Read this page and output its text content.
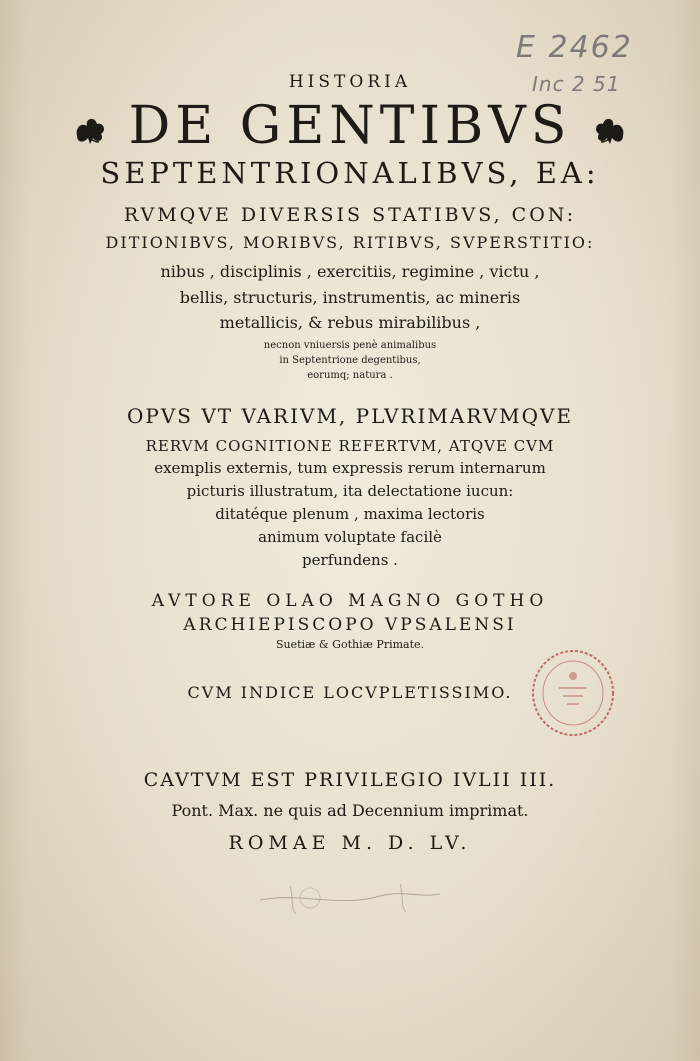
E 2462
Inc 2 51
HISTORIA
DE GENTIBVS
SEPTENTRIONALIBVS, EA:
RVMQVE DIVERSIS STATIBVS, CON:
DITIONIBVS, MORIBVS, RITIBVS, SVPERSTITIO:
nibus , disciplinis , exercitiis, regimine , victu ,
bellis, structuris, instrumentis, ac mineris
metallicis, & rebus mirabilibus ,
necnon vniuersis penè animalibus
in Septentrione degentibus,
eorumq; natura .
OPVS VT VARIVM, PLVRIMARVMQVE
RERVM COGNITIONE REFERTVM, ATQVE CVM
exemplis externis, tum expressis rerum internarum
picturis illustratum, ita delectatione iucun:
ditatéque plenum , maxima lectoris
animum voluptate facilè
perfundens .
AVTORE OLAO MAGNO GOTHO
ARCHIEPISCOPO VPSALENSI
Suetiæ & Gothiæ Primate.
CVM INDICE LOCVPLETISSIMO.
CAVTVM EST PRIVILEGIO IVLII III.
Pont. Max. ne quis ad Decennium imprimat.
ROMAE M. D. LV.
